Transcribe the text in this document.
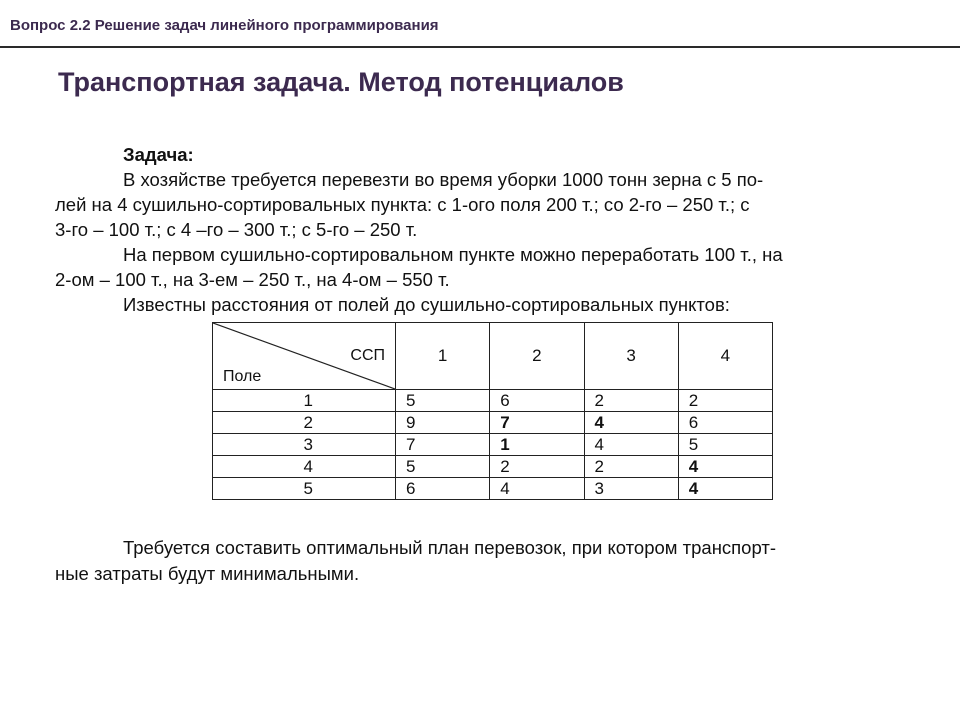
Вопрос 2.2 Решение задач линейного программирования
Транспортная задача. Метод потенциалов
Задача:
В хозяйстве требуется перевезти во время уборки 1000 тонн зерна с 5 по-
лей на 4 сушильно-сортировальных пункта: с 1-ого поля 200 т.; со 2-го – 250 т.; с
3-го – 100 т.; с 4 –го – 300 т.; с 5-го – 250 т.
На первом сушильно-сортировальном пункте можно переработать 100 т., на
2-ом – 100 т., на 3-ем – 250 т., на 4-ом – 550 т.
Известны расстояния от полей до сушильно-сортировальных пунктов:
ССП
Поле	1	2	3	4
1	5	6	2	2
2	9	7	4	6
3	7	1	4	5
4	5	2	2	4
5	6	4	3	4
Требуется составить оптимальный план перевозок, при котором транспорт-
ные затраты будут минимальными.
